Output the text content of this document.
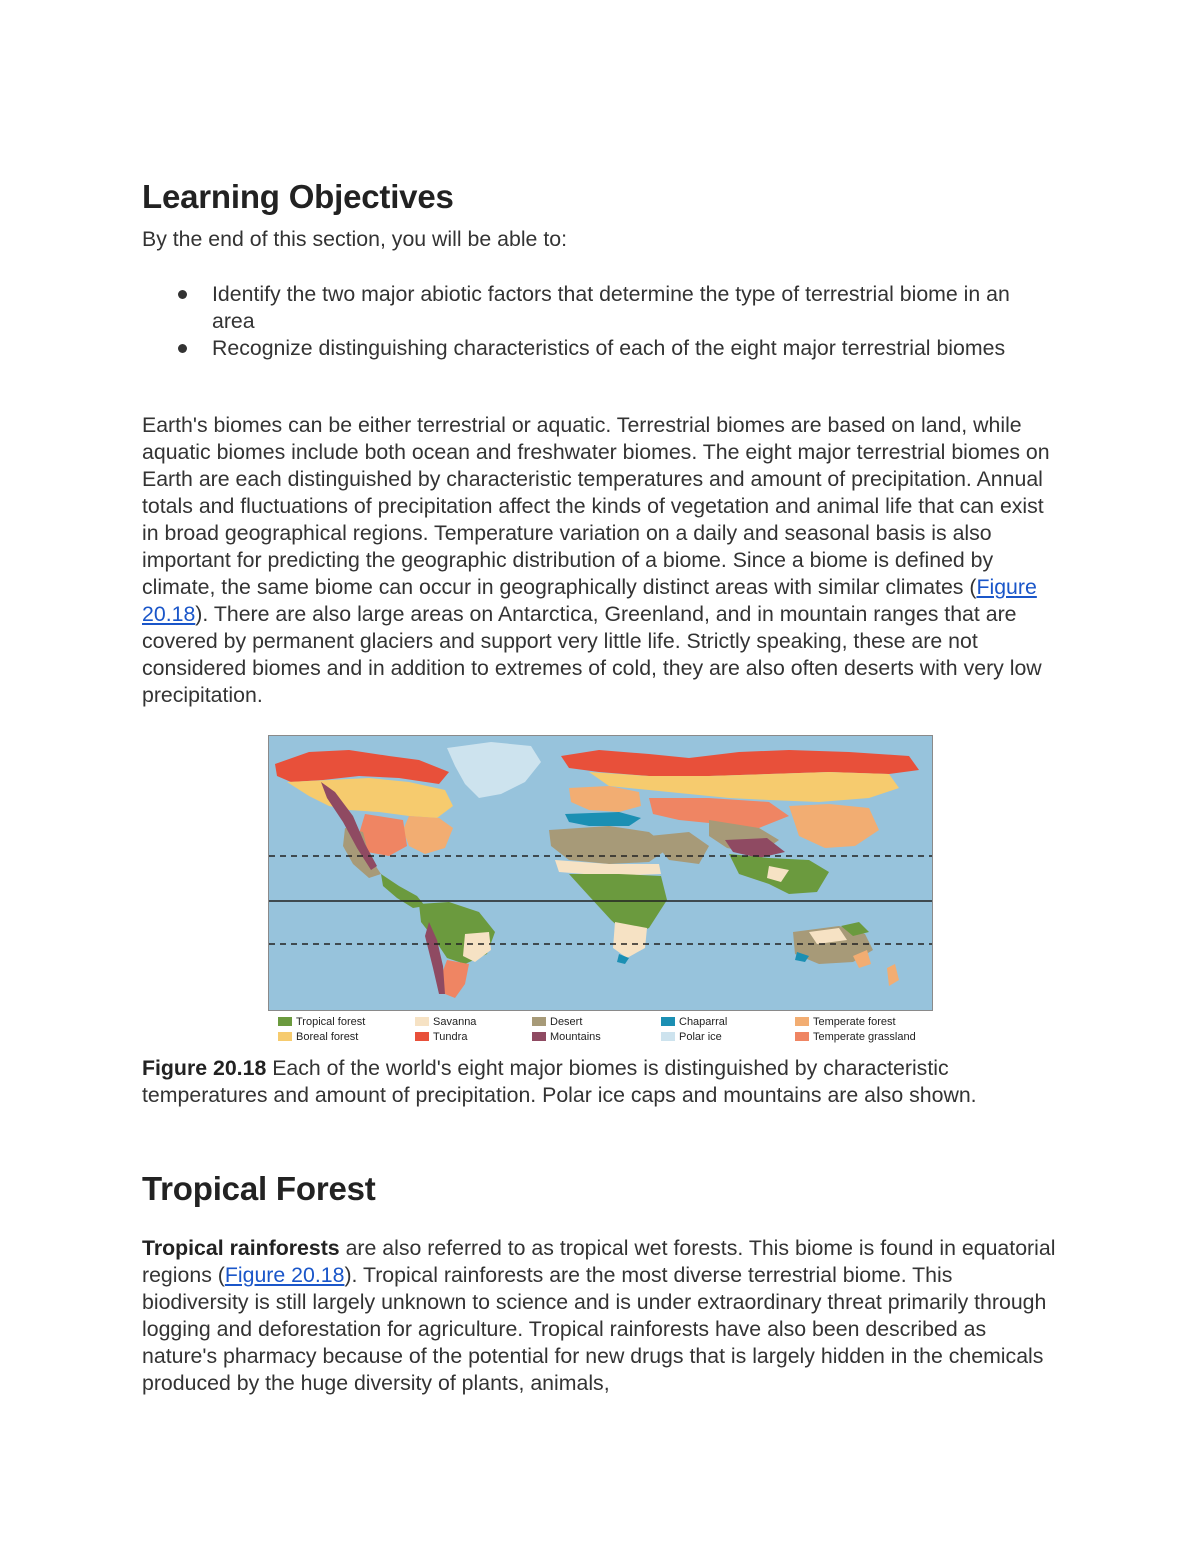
Learning Objectives

By the end of this section, you will be able to:

Identify the two major abiotic factors that determine the type of terrestrial biome in an area
Recognize distinguishing characteristics of each of the eight major terrestrial biomes

Earth's biomes can be either terrestrial or aquatic. Terrestrial biomes are based on land, while aquatic biomes include both ocean and freshwater biomes. The eight major terrestrial biomes on Earth are each distinguished by characteristic temperatures and amount of precipitation. Annual totals and fluctuations of precipitation affect the kinds of vegetation and animal life that can exist in broad geographical regions. Temperature variation on a daily and seasonal basis is also important for predicting the geographic distribution of a biome. Since a biome is defined by climate, the same biome can occur in geographically distinct areas with similar climates (Figure 20.18). There are also large areas on Antarctica, Greenland, and in mountain ranges that are covered by permanent glaciers and support very little life. Strictly speaking, these are not considered biomes and in addition to extremes of cold, they are also often deserts with very low precipitation.

Tropical forest	Savanna	Desert	Chaparral	Temperate forest
Boreal forest	Tundra	Mountains	Polar ice	Temperate grassland

Figure 20.18 Each of the world's eight major biomes is distinguished by characteristic temperatures and amount of precipitation. Polar ice caps and mountains are also shown.

Tropical Forest

Tropical rainforests are also referred to as tropical wet forests. This biome is found in equatorial regions (Figure 20.18). Tropical rainforests are the most diverse terrestrial biome. This biodiversity is still largely unknown to science and is under extraordinary threat primarily through logging and deforestation for agriculture. Tropical rainforests have also been described as nature's pharmacy because of the potential for new drugs that is largely hidden in the chemicals produced by the huge diversity of plants, animals,
